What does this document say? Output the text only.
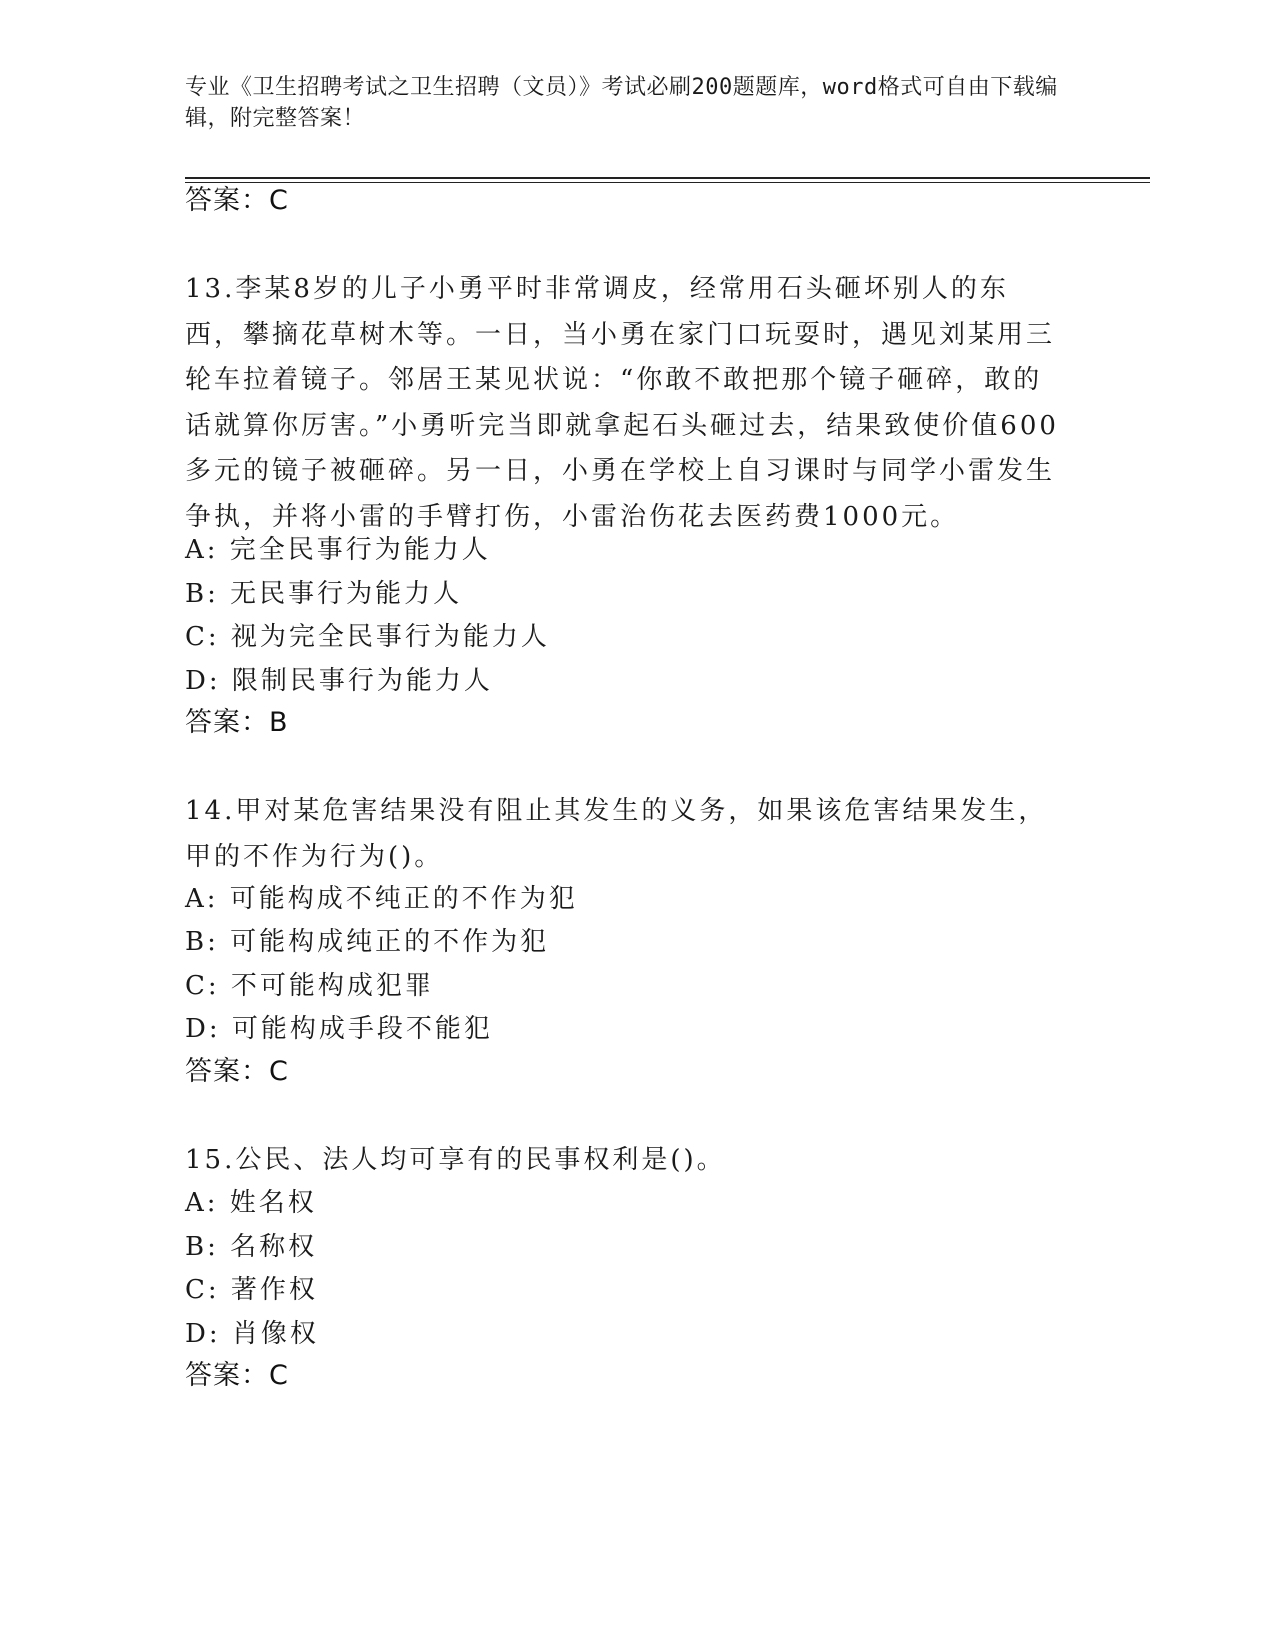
专业《卫生招聘考试之卫生招聘（文员）》考试必刷200题题库，word格式可自由下载编辑，附完整答案！
答案：C
13.李某8岁的儿子小勇平时非常调皮，经常用石头砸坏别人的东西，攀摘花草树木等。一日，当小勇在家门口玩耍时，遇见刘某用三轮车拉着镜子。邻居王某见状说：“你敢不敢把那个镜子砸碎，敢的话就算你厉害。”小勇听完当即就拿起石头砸过去，结果致使价值600多元的镜子被砸碎。另一日，小勇在学校上自习课时与同学小雷发生争执，并将小雷的手臂打伤，小雷治伤花去医药费1000元。
A: 完全民事行为能力人
B: 无民事行为能力人
C: 视为完全民事行为能力人
D: 限制民事行为能力人
答案：B
14.甲对某危害结果没有阻止其发生的义务，如果该危害结果发生，甲的不作为行为()。
A: 可能构成不纯正的不作为犯
B: 可能构成纯正的不作为犯
C: 不可能构成犯罪
D: 可能构成手段不能犯
答案：C
15.公民、法人均可享有的民事权利是()。
A: 姓名权
B: 名称权
C: 著作权
D: 肖像权
答案：C
